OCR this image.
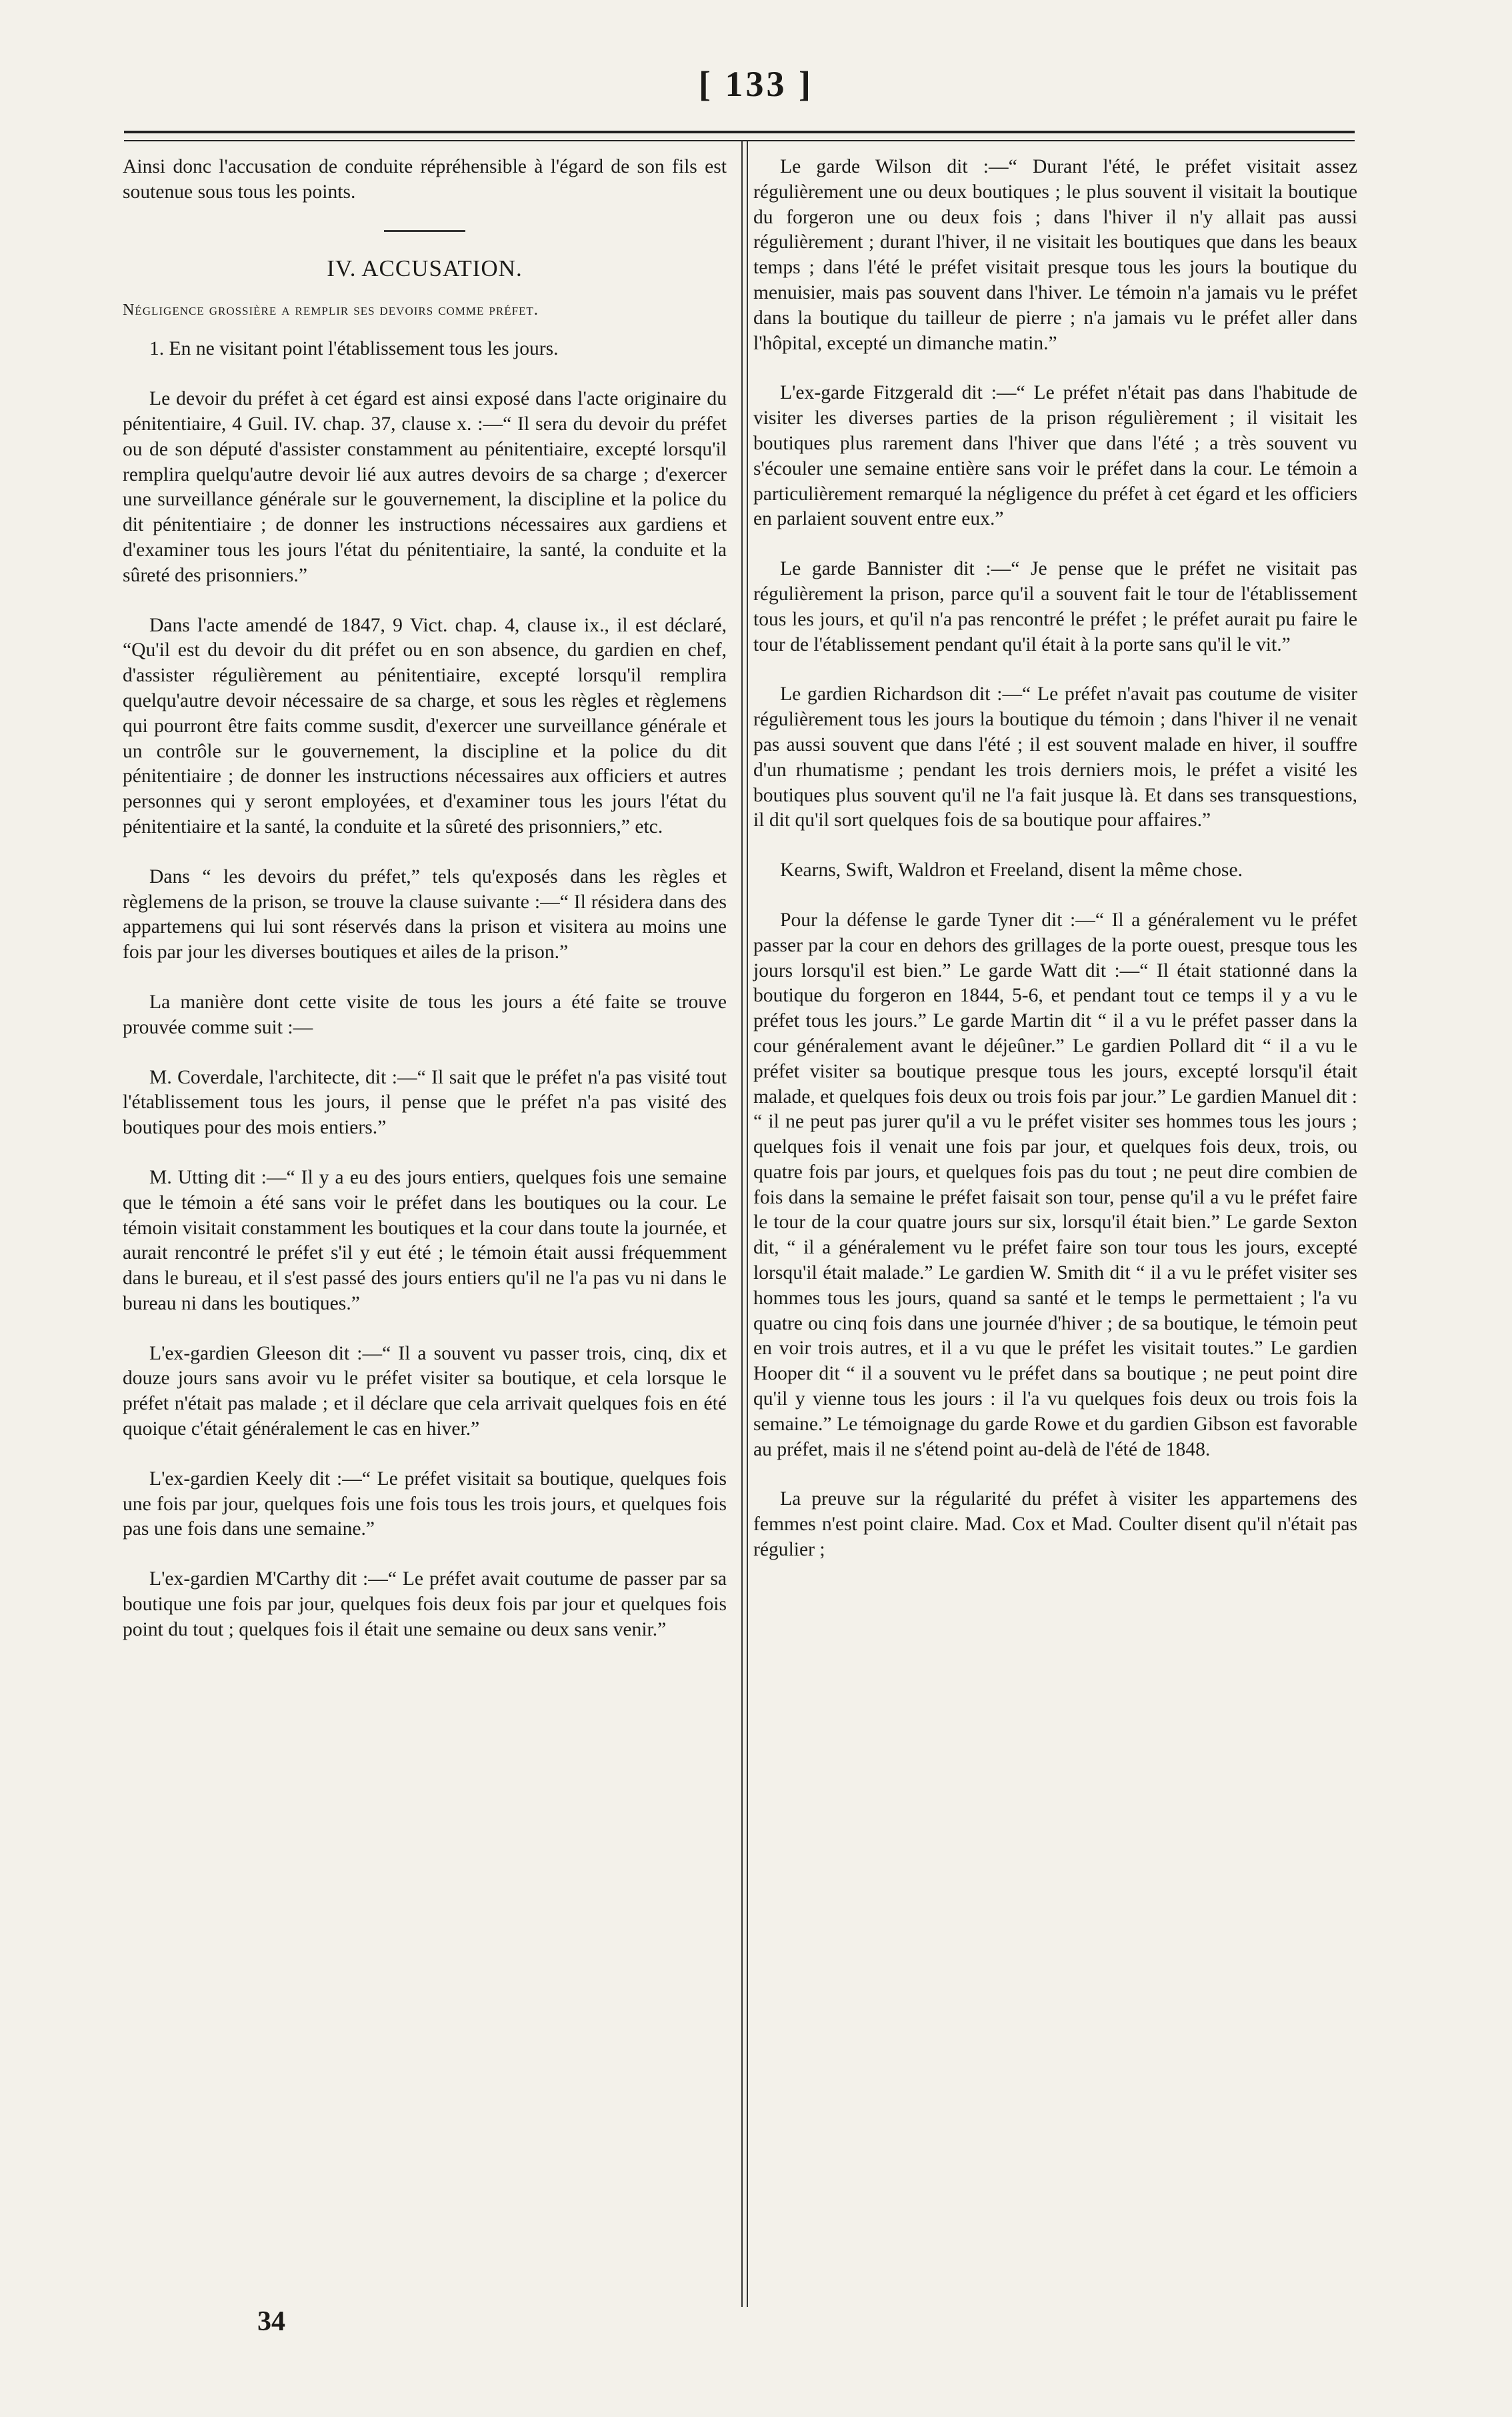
[ 133 ]

Ainsi donc l'accusation de conduite répréhensible à l'égard de son fils est soutenue sous tous les points.

IV. ACCUSATION.
Négligence grossière a remplir ses devoirs comme préfet.

1. En ne visitant point l'établissement tous les jours.

Le devoir du préfet à cet égard est ainsi exposé dans l'acte originaire du pénitentiaire, 4 Guil. IV. chap. 37, clause x. :—“ Il sera du devoir du préfet ou de son député d'assister constamment au pénitentiaire, excepté lorsqu'il remplira quelqu'autre devoir lié aux autres devoirs de sa charge ; d'exercer une surveillance générale sur le gouvernement, la discipline et la police du dit pénitentiaire ; de donner les instructions nécessaires aux gardiens et d'examiner tous les jours l'état du pénitentiaire, la santé, la conduite et la sûreté des prisonniers.”

Dans l'acte amendé de 1847, 9 Vict. chap. 4, clause ix., il est déclaré, “Qu'il est du devoir du dit préfet ou en son absence, du gardien en chef, d'assister régulièrement au pénitentiaire, excepté lorsqu'il remplira quelqu'autre devoir nécessaire de sa charge, et sous les règles et règlemens qui pourront être faits comme susdit, d'exercer une surveillance générale et un contrôle sur le gouvernement, la discipline et la police du dit pénitentiaire ; de donner les instructions nécessaires aux officiers et autres personnes qui y seront employées, et d'examiner tous les jours l'état du pénitentiaire et la santé, la conduite et la sûreté des prisonniers,” etc.

Dans “ les devoirs du préfet,” tels qu'exposés dans les règles et règlemens de la prison, se trouve la clause suivante :—“ Il résidera dans des appartemens qui lui sont réservés dans la prison et visitera au moins une fois par jour les diverses boutiques et ailes de la prison.”

La manière dont cette visite de tous les jours a été faite se trouve prouvée comme suit :—

M. Coverdale, l'architecte, dit :—“ Il sait que le préfet n'a pas visité tout l'établissement tous les jours, il pense que le préfet n'a pas visité des boutiques pour des mois entiers.”

M. Utting dit :—“ Il y a eu des jours entiers, quelques fois une semaine que le témoin a été sans voir le préfet dans les boutiques ou la cour. Le témoin visitait constamment les boutiques et la cour dans toute la journée, et aurait rencontré le préfet s'il y eut été ; le témoin était aussi fréquemment dans le bureau, et il s'est passé des jours entiers qu'il ne l'a pas vu ni dans le bureau ni dans les boutiques.”

L'ex-gardien Gleeson dit :—“ Il a souvent vu passer trois, cinq, dix et douze jours sans avoir vu le préfet visiter sa boutique, et cela lorsque le préfet n'était pas malade ; et il déclare que cela arrivait quelques fois en été quoique c'était généralement le cas en hiver.”

L'ex-gardien Keely dit :—“ Le préfet visitait sa boutique, quelques fois une fois par jour, quelques fois une fois tous les trois jours, et quelques fois pas une fois dans une semaine.”

L'ex-gardien M'Carthy dit :—“ Le préfet avait coutume de passer par sa boutique une fois par jour, quelques fois deux fois par jour et quelques fois point du tout ; quelques fois il était une semaine ou deux sans venir.”

Le garde Wilson dit :—“ Durant l'été, le préfet visitait assez régulièrement une ou deux boutiques ; le plus souvent il visitait la boutique du forgeron une ou deux fois ; dans l'hiver il n'y allait pas aussi régulièrement ; durant l'hiver, il ne visitait les boutiques que dans les beaux temps ; dans l'été le préfet visitait presque tous les jours la boutique du menuisier, mais pas souvent dans l'hiver. Le témoin n'a jamais vu le préfet dans la boutique du tailleur de pierre ; n'a jamais vu le préfet aller dans l'hôpital, excepté un dimanche matin.”

L'ex-garde Fitzgerald dit :—“ Le préfet n'était pas dans l'habitude de visiter les diverses parties de la prison régulièrement ; il visitait les boutiques plus rarement dans l'hiver que dans l'été ; a très souvent vu s'écouler une semaine entière sans voir le préfet dans la cour. Le témoin a particulièrement remarqué la négligence du préfet à cet égard et les officiers en parlaient souvent entre eux.”

Le garde Bannister dit :—“ Je pense que le préfet ne visitait pas régulièrement la prison, parce qu'il a souvent fait le tour de l'établissement tous les jours, et qu'il n'a pas rencontré le préfet ; le préfet aurait pu faire le tour de l'établissement pendant qu'il était à la porte sans qu'il le vit.”

Le gardien Richardson dit :—“ Le préfet n'avait pas coutume de visiter régulièrement tous les jours la boutique du témoin ; dans l'hiver il ne venait pas aussi souvent que dans l'été ; il est souvent malade en hiver, il souffre d'un rhumatisme ; pendant les trois derniers mois, le préfet a visité les boutiques plus souvent qu'il ne l'a fait jusque là. Et dans ses transquestions, il dit qu'il sort quelques fois de sa boutique pour affaires.”

Kearns, Swift, Waldron et Freeland, disent la même chose.

Pour la défense le garde Tyner dit :—“ Il a généralement vu le préfet passer par la cour en dehors des grillages de la porte ouest, presque tous les jours lorsqu'il est bien.” Le garde Watt dit :—“ Il était stationné dans la boutique du forgeron en 1844, 5-6, et pendant tout ce temps il y a vu le préfet tous les jours.” Le garde Martin dit “ il a vu le préfet passer dans la cour généralement avant le déjeûner.” Le gardien Pollard dit “ il a vu le préfet visiter sa boutique presque tous les jours, excepté lorsqu'il était malade, et quelques fois deux ou trois fois par jour.” Le gardien Manuel dit : “ il ne peut pas jurer qu'il a vu le préfet visiter ses hommes tous les jours ; quelques fois il venait une fois par jour, et quelques fois deux, trois, ou quatre fois par jours, et quelques fois pas du tout ; ne peut dire combien de fois dans la semaine le préfet faisait son tour, pense qu'il a vu le préfet faire le tour de la cour quatre jours sur six, lorsqu'il était bien.” Le garde Sexton dit, “ il a généralement vu le préfet faire son tour tous les jours, excepté lorsqu'il était malade.” Le gardien W. Smith dit “ il a vu le préfet visiter ses hommes tous les jours, quand sa santé et le temps le permettaient ; l'a vu quatre ou cinq fois dans une journée d'hiver ; de sa boutique, le témoin peut en voir trois autres, et il a vu que le préfet les visitait toutes.” Le gardien Hooper dit “ il a souvent vu le préfet dans sa boutique ; ne peut point dire qu'il y vienne tous les jours : il l'a vu quelques fois deux ou trois fois la semaine.” Le témoignage du garde Rowe et du gardien Gibson est favorable au préfet, mais il ne s'étend point au-delà de l'été de 1848.

La preuve sur la régularité du préfet à visiter les appartemens des femmes n'est point claire. Mad. Cox et Mad. Coulter disent qu'il n'était pas régulier ;

34
